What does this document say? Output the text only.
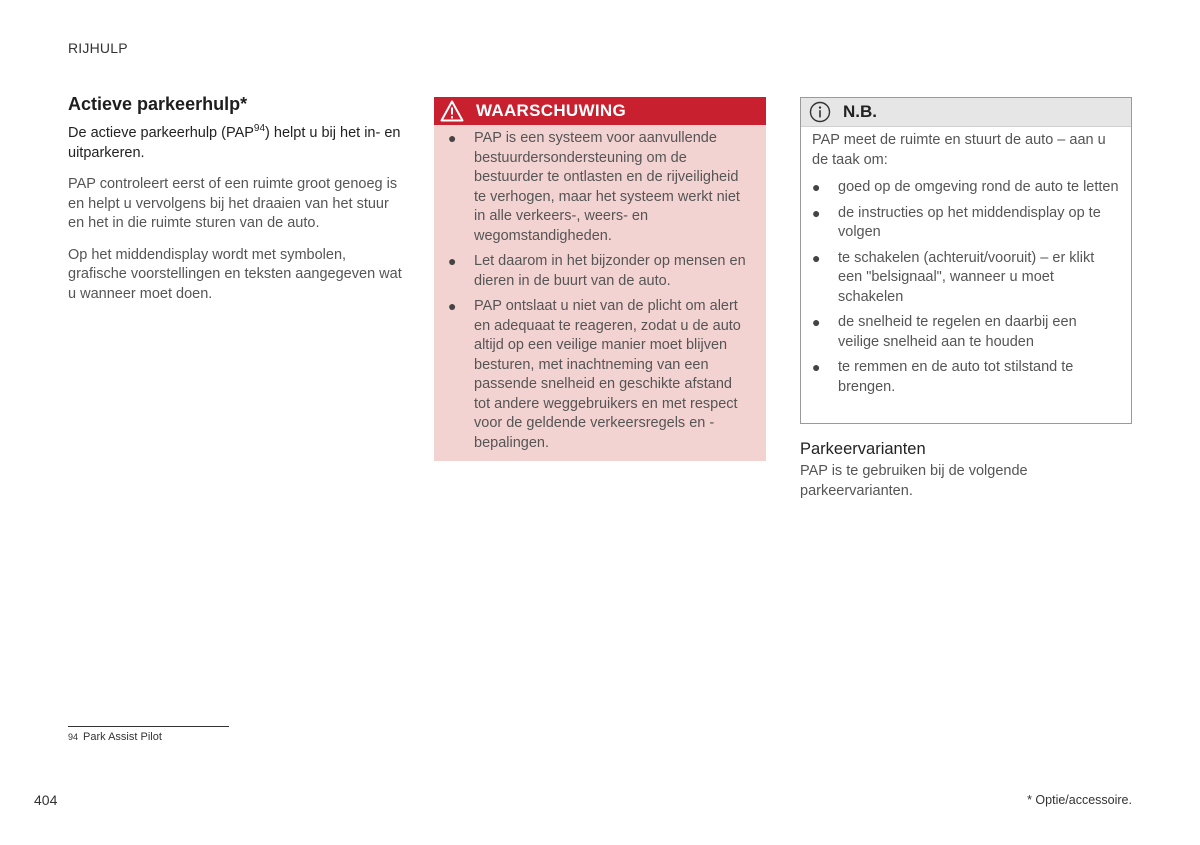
RIJHULP
Actieve parkeerhulp*

De actieve parkeerhulp (PAP$^{94}$) helpt u bij het in- en uitparkeren.

PAP controleert eerst of een ruimte groot genoeg is en helpt u vervolgens bij het draaien van het stuur en het in die ruimte sturen van de auto.

Op het middendisplay wordt met symbolen, grafische voorstellingen en teksten aangegeven wat u wanneer moet doen.

WAARSCHUWING
● PAP is een systeem voor aanvullende bestuurdersondersteuning om de bestuurder te ontlasten en de rijveiligheid te verhogen, maar het systeem werkt niet in alle verkeers-, weers- en wegomstandigheden.
● Let daarom in het bijzonder op mensen en dieren in de buurt van de auto.
● PAP ontslaat u niet van de plicht om alert en adequaat te reageren, zodat u de auto altijd op een veilige manier moet blijven besturen, met inachtneming van een passende snelheid en geschikte afstand tot andere weggebruikers en met respect voor de geldende verkeersregels en -bepalingen.
N.B.

PAP meet de ruimte en stuurt de auto – aan u de taak om:

● goed op de omgeving rond de auto te letten
● de instructies op het middendisplay op te volgen
● te schakelen (achteruit/vooruit) – er klikt een "belsignaal", wanneer u moet schakelen
● de snelheid te regelen en daarbij een veilige snelheid aan te houden
● te remmen en de auto tot stilstand te brengen.
Parkeervarianten
PAP is te gebruiken bij de volgende parkeervarianten.
94 Park Assist Pilot
404	* Optie/accessoire.
